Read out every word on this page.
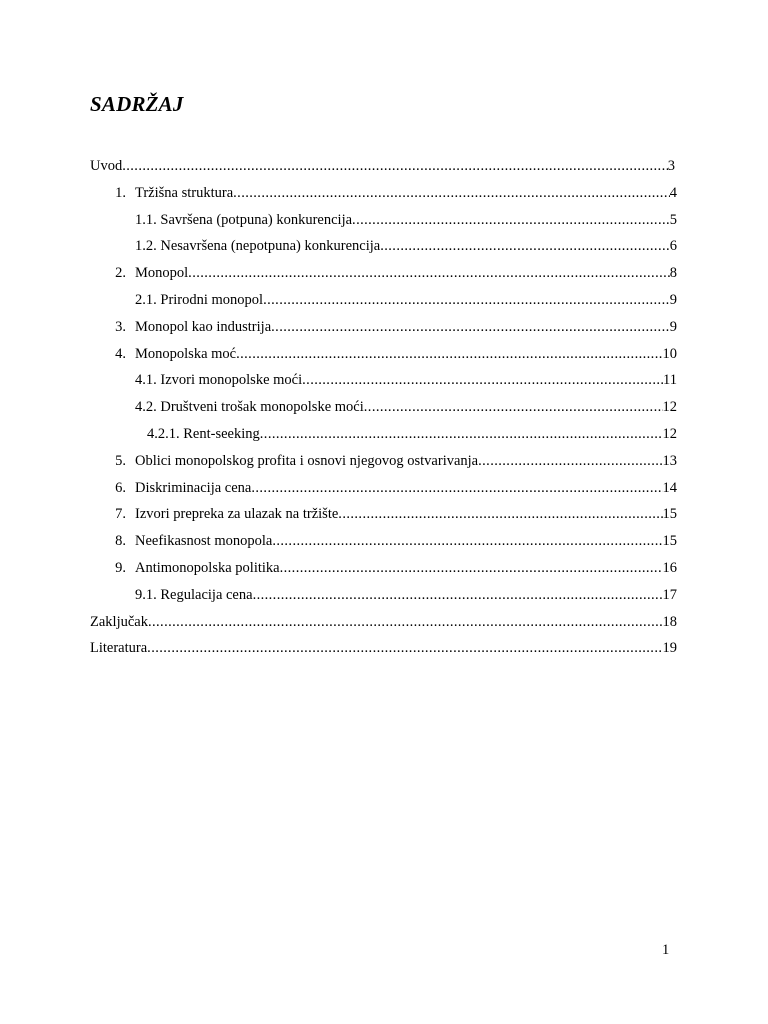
SADRŽAJ
Uvod .....	3
1. Tržišna struktura .....	4
1.1. Savršena (potpuna) konkurencija .....	5
1.2. Nesavršena (nepotpuna) konkurencija .....	6
2. Monopol .....	8
2.1. Prirodni monopol .....	9
3. Monopol kao industrija .....	9
4. Monopolska moć .....	10
4.1. Izvori monopolske moći .....	11
4.2. Društveni trošak monopolske moći .....	12
4.2.1. Rent-seeking .....	12
5. Oblici monopolskog profita i osnovi njegovog ostvarivanja .....	13
6. Diskriminacija cena .....	14
7. Izvori prepreka za ulazak na tržište .....	15
8. Neefikasnost monopola .....	15
9. Antimonopolska politika .....	16
9.1. Regulacija cena .....	17
Zaključak .....	18
Literatura .....	19
1
